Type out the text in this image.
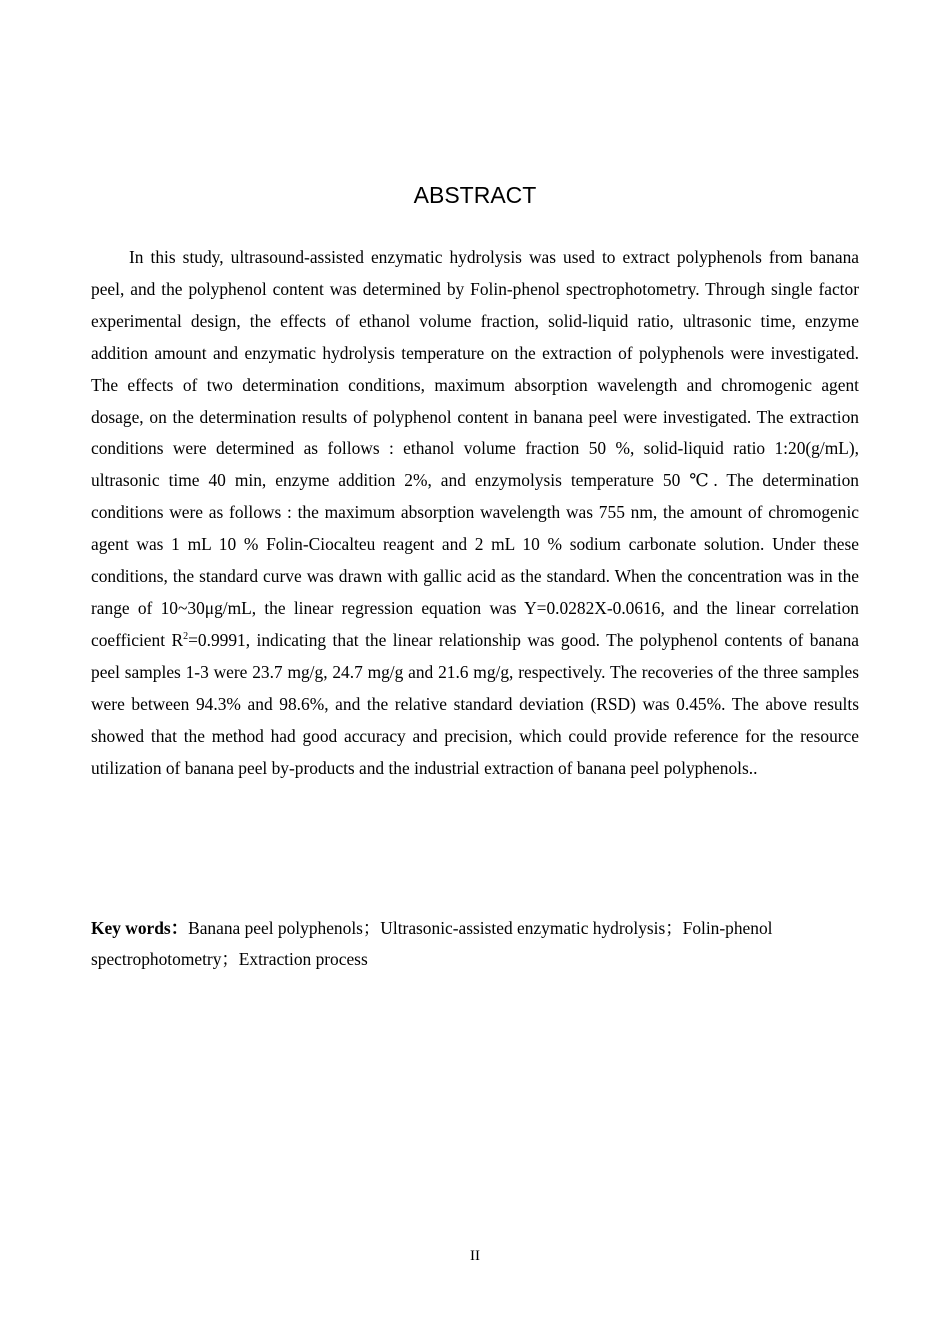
ABSTRACT

In this study, ultrasound-assisted enzymatic hydrolysis was used to extract polyphenols from banana peel, and the polyphenol content was determined by Folin-phenol spectrophotometry. Through single factor experimental design, the effects of ethanol volume fraction, solid-liquid ratio, ultrasonic time, enzyme addition amount and enzymatic hydrolysis temperature on the extraction of polyphenols were investigated. The effects of two determination conditions, maximum absorption wavelength and chromogenic agent dosage, on the determination results of polyphenol content in banana peel were investigated. The extraction conditions were determined as follows : ethanol volume fraction 50 %, solid-liquid ratio 1:20(g/mL), ultrasonic time 40 min, enzyme addition 2%, and enzymolysis temperature 50 ℃. The determination conditions were as follows : the maximum absorption wavelength was 755 nm, the amount of chromogenic agent was 1 mL 10 % Folin-Ciocalteu reagent and 2 mL 10 % sodium carbonate solution. Under these conditions, the standard curve was drawn with gallic acid as the standard. When the concentration was in the range of 10~30μg/mL, the linear regression equation was Y=0.0282X-0.0616, and the linear correlation coefficient $R^2=0.9991$, indicating that the linear relationship was good. The polyphenol contents of banana peel samples 1-3 were 23.7 mg/g, 24.7 mg/g and 21.6 mg/g, respectively. The recoveries of the three samples were between 94.3% and 98.6%, and the relative standard deviation (RSD) was 0.45%. The above results showed that the method had good accuracy and precision, which could provide reference for the resource utilization of banana peel by-products and the industrial extraction of banana peel polyphenols..

Key words：Banana peel polyphenols；Ultrasonic-assisted enzymatic hydrolysis；Folin-phenol spectrophotometry；Extraction process

II
